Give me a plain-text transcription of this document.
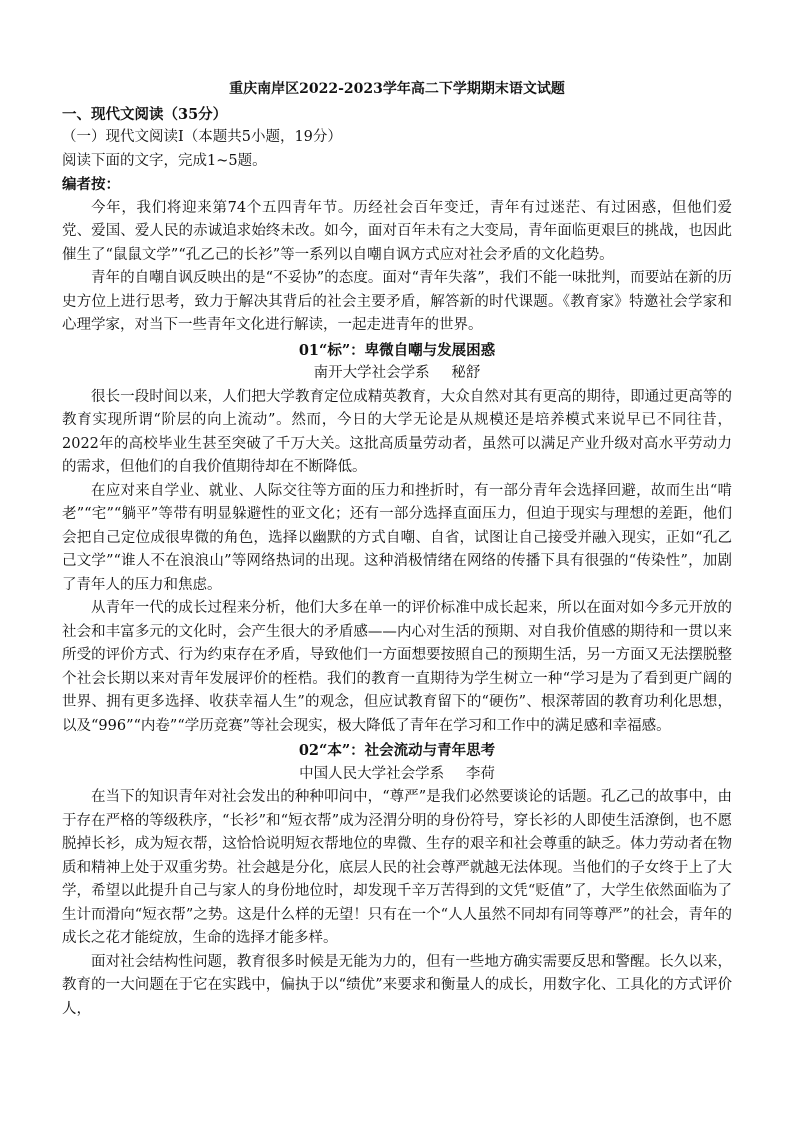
重庆南岸区2022-2023学年高二下学期期末语文试题

一、现代文阅读（35分）

（一）现代文阅读Ⅰ（本题共5小题，19分）

阅读下面的文字，完成1~5题。

编者按：

今年，我们将迎来第74个五四青年节。历经社会百年变迁，青年有过迷茫、有过困惑，但他们爱党、爱国、爱人民的赤诚追求始终未改。如今，面对百年未有之大变局，青年面临更艰巨的挑战，也因此催生了“鼠鼠文学”“孔乙己的长衫”等一系列以自嘲自讽方式应对社会矛盾的文化趋势。

青年的自嘲自讽反映出的是“不妥协”的态度。面对“青年失落”，我们不能一味批判，而要站在新的历史方位上进行思考，致力于解决其背后的社会主要矛盾，解答新的时代课题。《教育家》特邀社会学家和心理学家，对当下一些青年文化进行解读，一起走进青年的世界。

01“标”：卑微自嘲与发展困惑

南开大学社会学系 秘舒

很长一段时间以来，人们把大学教育定位成精英教育，大众自然对其有更高的期待，即通过更高等的教育实现所谓“阶层的向上流动”。然而，今日的大学无论是从规模还是培养模式来说早已不同往昔，2022年的高校毕业生甚至突破了千万大关。这批高质量劳动者，虽然可以满足产业升级对高水平劳动力的需求，但他们的自我价值期待却在不断降低。

在应对来自学业、就业、人际交往等方面的压力和挫折时，有一部分青年会选择回避，故而生出“啃老”“宅”“躺平”等带有明显躲避性的亚文化；还有一部分选择直面压力，但迫于现实与理想的差距，他们会把自己定位成很卑微的角色，选择以幽默的方式自嘲、自省，试图让自己接受并融入现实，正如“孔乙己文学”“谁人不在浪浪山”等网络热词的出现。这种消极情绪在网络的传播下具有很强的“传染性”，加剧了青年人的压力和焦虑。

从青年一代的成长过程来分析，他们大多在单一的评价标准中成长起来，所以在面对如今多元开放的社会和丰富多元的文化时，会产生很大的矛盾感——内心对生活的预期、对自我价值感的期待和一贯以来所受的评价方式、行为约束存在矛盾，导致他们一方面想要按照自己的预期生活，另一方面又无法摆脱整个社会长期以来对青年发展评价的桎梏。我们的教育一直期待为学生树立一种“学习是为了看到更广阔的世界、拥有更多选择、收获幸福人生”的观念，但应试教育留下的“硬伤”、根深蒂固的教育功利化思想，以及“996”“内卷”“学历竞赛”等社会现实，极大降低了青年在学习和工作中的满足感和幸福感。

02“本”：社会流动与青年思考

中国人民大学社会学系 李荷

在当下的知识青年对社会发出的种种叩问中，“尊严”是我们必然要谈论的话题。孔乙己的故事中，由于存在严格的等级秩序，“长衫”和“短衣帮”成为泾渭分明的身份符号，穿长衫的人即使生活潦倒，也不愿脱掉长衫，成为短衣帮，这恰恰说明短衣帮地位的卑微、生存的艰辛和社会尊重的缺乏。体力劳动者在物质和精神上处于双重劣势。社会越是分化，底层人民的社会尊严就越无法体现。当他们的子女终于上了大学，希望以此提升自己与家人的身份地位时，却发现千辛万苦得到的文凭“贬值”了，大学生依然面临为了生计而滑向“短衣帮”之势。这是什么样的无望！只有在一个“人人虽然不同却有同等尊严”的社会，青年的成长之花才能绽放，生命的选择才能多样。

面对社会结构性问题，教育很多时候是无能为力的，但有一些地方确实需要反思和警醒。长久以来，教育的一大问题在于它在实践中，偏执于以“绩优”来要求和衡量人的成长，用数字化、工具化的方式评价人，
